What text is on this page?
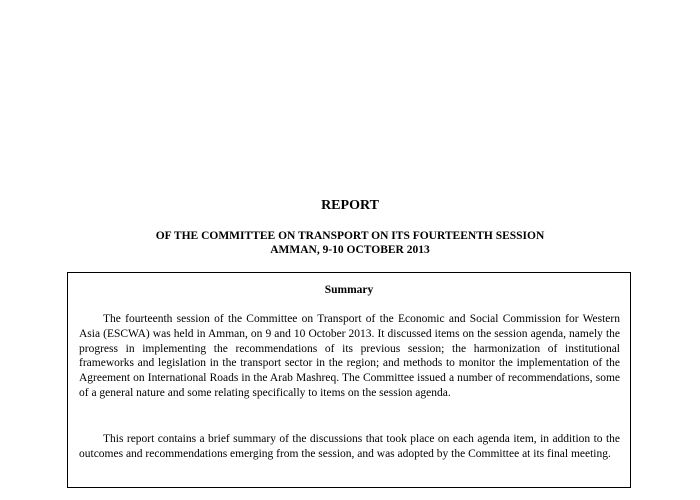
REPORT
OF THE COMMITTEE ON TRANSPORT ON ITS FOURTEENTH SESSION
AMMAN, 9-10 OCTOBER 2013
Summary

The fourteenth session of the Committee on Transport of the Economic and Social Commission for Western Asia (ESCWA) was held in Amman, on 9 and 10 October 2013. It discussed items on the session agenda, namely the progress in implementing the recommendations of its previous session; the harmonization of institutional frameworks and legislation in the transport sector in the region; and methods to monitor the implementation of the Agreement on International Roads in the Arab Mashreq. The Committee issued a number of recommendations, some of a general nature and some relating specifically to items on the session agenda.

This report contains a brief summary of the discussions that took place on each agenda item, in addition to the outcomes and recommendations emerging from the session, and was adopted by the Committee at its final meeting.
